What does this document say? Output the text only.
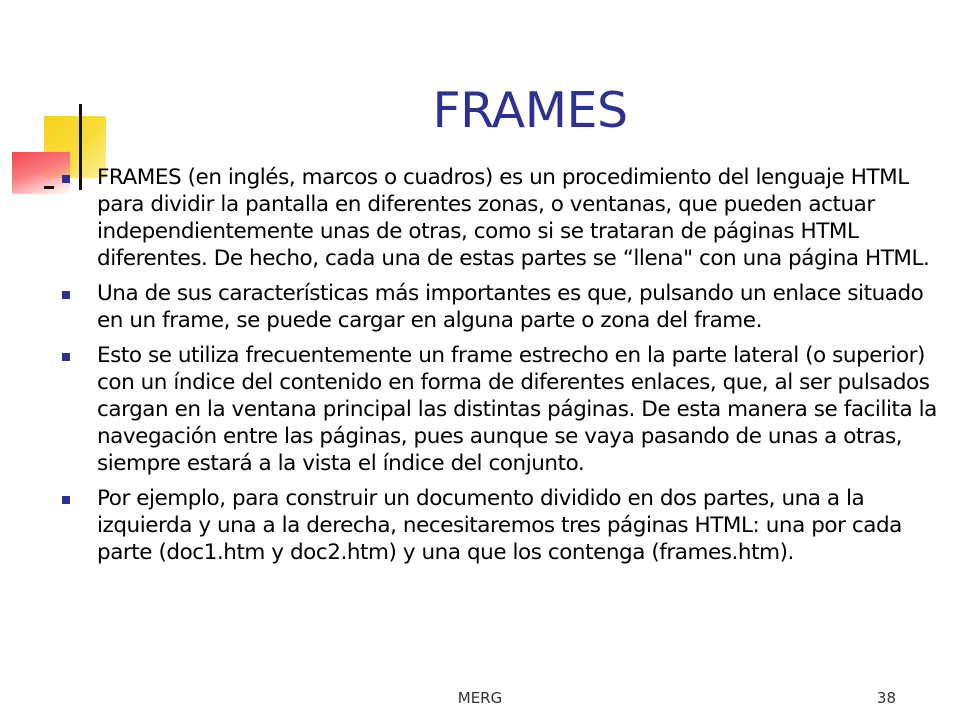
FRAMES
FRAMES (en inglés, marcos o cuadros) es un procedimiento del lenguaje HTML para dividir la pantalla en diferentes zonas, o ventanas, que pueden actuar independientemente unas de otras, como si se trataran de páginas HTML diferentes. De hecho, cada una de estas partes se “llena" con una página HTML.
Una de sus características más importantes es que, pulsando un enlace situado en un frame, se puede cargar en alguna parte o zona del frame.
Esto se utiliza frecuentemente un frame estrecho en la parte lateral (o superior) con un índice del contenido en forma de diferentes enlaces, que, al ser pulsados cargan en la ventana principal las distintas páginas. De esta manera se facilita la navegación entre las páginas, pues aunque se vaya pasando de unas a otras, siempre estará a la vista el índice del conjunto.
Por ejemplo, para construir un documento dividido en dos partes, una a la izquierda y una a la derecha, necesitaremos tres páginas HTML: una por cada parte (doc1.htm y doc2.htm) y una que los contenga (frames.htm).
MERG	38
